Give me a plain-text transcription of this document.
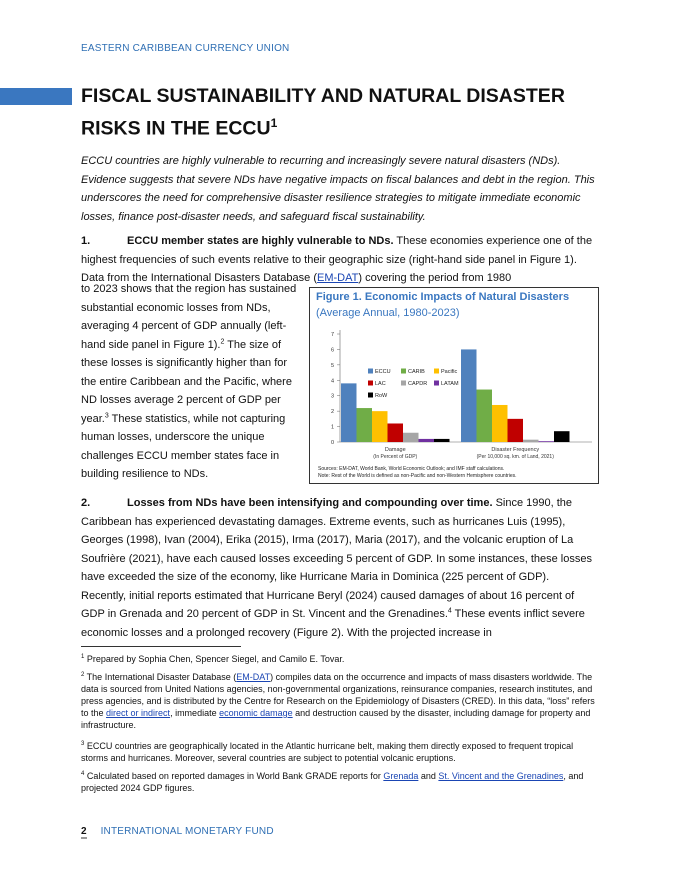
EASTERN CARIBBEAN CURRENCY UNION
FISCAL SUSTAINABILITY AND NATURAL DISASTER RISKS IN THE ECCU$^1$

ECCU countries are highly vulnerable to recurring and increasingly severe natural disasters (NDs). Evidence suggests that severe NDs have negative impacts on fiscal balances and debt in the region. This underscores the need for comprehensive disaster resilience strategies to mitigate immediate economic losses, finance post-disaster needs, and safeguard fiscal sustainability.

1.	ECCU member states are highly vulnerable to NDs. These economies experience one of the highest frequencies of such events relative to their geographic size (right-hand side panel in Figure 1). Data from the International Disasters Database (EM-DAT) covering the period from 1980

to 2023 shows that the region has sustained substantial economic losses from NDs, averaging 4 percent of GDP annually (left-hand side panel in Figure 1).$^2$ The size of these losses is significantly higher than for the entire Caribbean and the Pacific, where ND losses average 2 percent of GDP per year.$^3$ These statistics, while not capturing human losses, underscore the unique challenges ECCU member states face in building resilience to NDs.

Figure 1. Economic Impacts of Natural Disasters
(Average Annual, 1980-2023)
0
1
2
3
4
5
6
7
Damage
(In Percent of GDP)
Disaster Frequency
(Per 10,000 sq. km. of Land, 2021)
ECCU	CARIB	Pacific
LAC	CAPDR LATAM
RoW
Sources: EM-DAT, World Bank, World Economic Outlook; and IMF staff calculations.
Note: Rest of the World is defined as non-Pacific and non-Western Hemisphere countries.

2.	Losses from NDs have been intensifying and compounding over time. Since 1990, the Caribbean has experienced devastating damages. Extreme events, such as hurricanes Luis (1995), Georges (1998), Ivan (2004), Erika (2015), Irma (2017), Maria (2017), and the volcanic eruption of La Soufrière (2021), have each caused losses exceeding 5 percent of GDP. In some instances, these losses have exceeded the size of the economy, like Hurricane Maria in Dominica (225 percent of GDP). Recently, initial reports estimated that Hurricane Beryl (2024) caused damages of about 16 percent of GDP in Grenada and 20 percent of GDP in St. Vincent and the Grenadines.$^4$ These events inflict severe economic losses and a prolonged recovery (Figure 2). With the projected increase in

$^1$ Prepared by Sophia Chen, Spencer Siegel, and Camilo E. Tovar.

$^2$ The International Disaster Database (EM-DAT) compiles data on the occurrence and impacts of mass disasters worldwide. The data is sourced from United Nations agencies, non-governmental organizations, reinsurance companies, research institutes, and press agencies, and is distributed by the Centre for Research on the Epidemiology of Disasters (CRED). In this data, “loss” refers to the direct or indirect, immediate economic damage and destruction caused by the disaster, including damage for property and infrastructure.

$^3$ ECCU countries are geographically located in the Atlantic hurricane belt, making them directly exposed to frequent tropical storms and hurricanes. Moreover, several countries are subject to potential volcanic eruptions.

$^4$ Calculated based on reported damages in World Bank GRADE reports for Grenada and St. Vincent and the Grenadines, and projected 2024 GDP figures.

2 INTERNATIONAL MONETARY FUND
